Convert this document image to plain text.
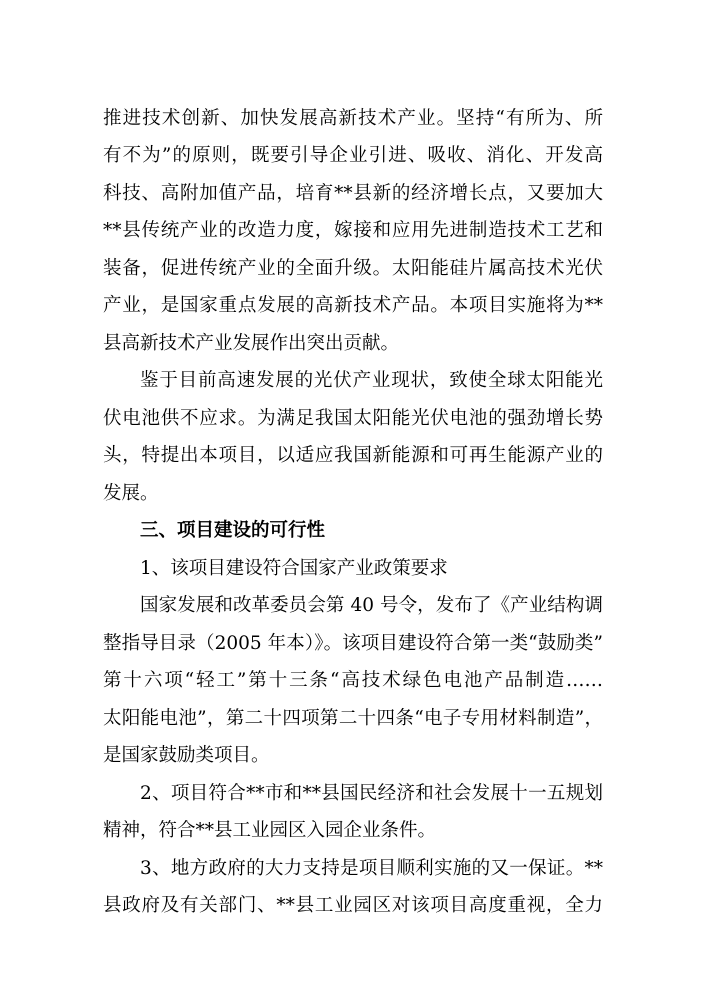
推进技术创新、加快发展高新技术产业。坚持“有所为、所
有不为”的原则，既要引导企业引进、吸收、消化、开发高
科技、高附加值产品，培育**县新的经济增长点，又要加大
**县传统产业的改造力度，嫁接和应用先进制造技术工艺和
装备，促进传统产业的全面升级。太阳能硅片属高技术光伏
产业，是国家重点发展的高新技术产品。本项目实施将为**
县高新技术产业发展作出突出贡献。
鉴于目前高速发展的光伏产业现状，致使全球太阳能光
伏电池供不应求。为满足我国太阳能光伏电池的强劲增长势
头，特提出本项目，以适应我国新能源和可再生能源产业的
发展。
三、项目建设的可行性
1、该项目建设符合国家产业政策要求
国家发展和改革委员会第 40 号令，发布了《产业结构调
整指导目录（2005 年本）》。该项目建设符合第一类“鼓励类”
第十六项“轻工”第十三条“高技术绿色电池产品制造……
太阳能电池”，第二十四项第二十四条“电子专用材料制造”，
是国家鼓励类项目。
2、项目符合**市和**县国民经济和社会发展十一五规划
精神，符合**县工业园区入园企业条件。
3、地方政府的大力支持是项目顺利实施的又一保证。**
县政府及有关部门、**县工业园区对该项目高度重视，全力
